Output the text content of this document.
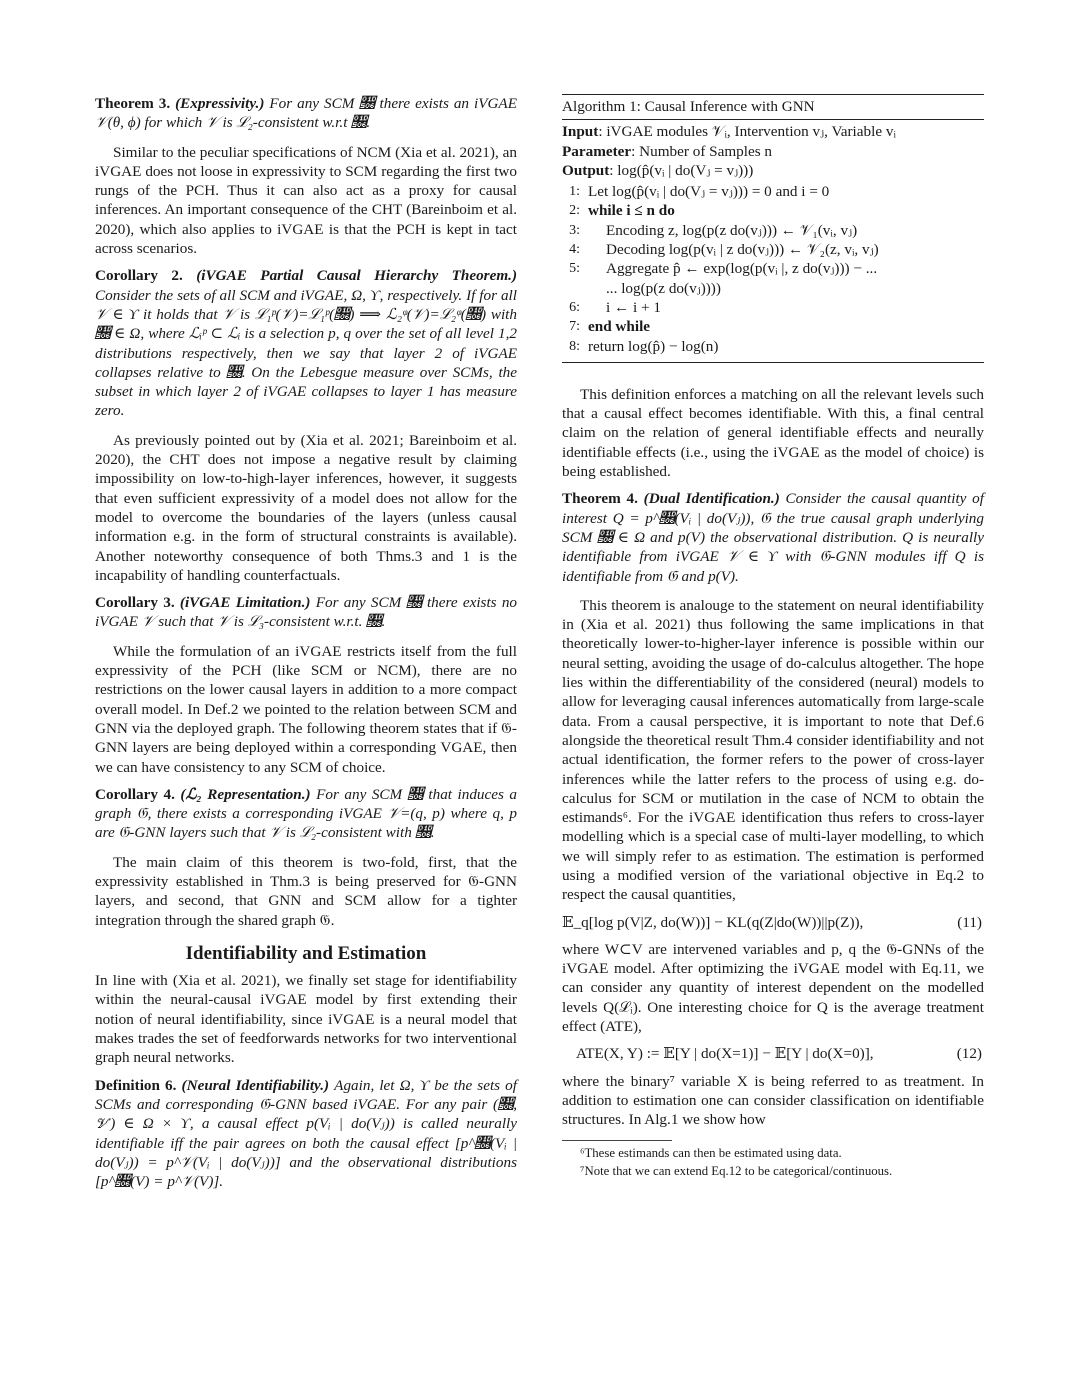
Theorem 3. (Expressivity.) For any SCM 𝔆 there exists an iVGAE 𝒱(θ, ϕ) for which 𝒱 is ℒ₂-consistent w.r.t 𝔆.

Similar to the peculiar specifications of NCM (Xia et al. 2021), an iVGAE does not loose in expressivity to SCM regarding the first two rungs of the PCH. Thus it can also act as a proxy for causal inferences. An important consequence of the CHT (Bareinboim et al. 2020), which also applies to iVGAE is that the PCH is kept in tact across scenarios.

Corollary 2. (iVGAE Partial Causal Hierarchy Theorem.) Consider the sets of all SCM and iVGAE, Ω, ϒ, respectively. If for all 𝒱 ∈ ϒ it holds that 𝒱 is ℒ₁ᵖ(𝒱)=ℒ₁ᵖ(𝔆) ⟹ ℒ₂ᵠ(𝒱)=ℒ₂ᵠ(𝔆) with 𝔆 ∈ Ω, where ℒᵢᵖ ⊂ ℒᵢ is a selection p, q over the set of all level 1,2 distributions respectively, then we say that layer 2 of iVGAE collapses relative to 𝔆. On the Lebesgue measure over SCMs, the subset in which layer 2 of iVGAE collapses to layer 1 has measure zero.

As previously pointed out by (Xia et al. 2021; Bareinboim et al. 2020), the CHT does not impose a negative result by claiming impossibility on low-to-high-layer inferences, however, it suggests that even sufficient expressivity of a model does not allow for the model to overcome the boundaries of the layers (unless causal information e.g. in the form of structural constraints is available). Another noteworthy consequence of both Thms.3 and 1 is the incapability of handling counterfactuals.

Corollary 3. (iVGAE Limitation.) For any SCM 𝔆 there exists no iVGAE 𝒱 such that 𝒱 is ℒ₃-consistent w.r.t. 𝔆.

While the formulation of an iVGAE restricts itself from the full expressivity of the PCH (like SCM or NCM), there are no restrictions on the lower causal layers in addition to a more compact overall model. In Def.2 we pointed to the relation between SCM and GNN via the deployed graph. The following theorem states that if 𝔊-GNN layers are being deployed within a corresponding VGAE, then we can have consistency to any SCM of choice.

Corollary 4. (ℒ₂ Representation.) For any SCM 𝔆 that induces a graph 𝔊, there exists a corresponding iVGAE 𝒱=(q, p) where q, p are 𝔊-GNN layers such that 𝒱 is ℒ₂-consistent with 𝔆.

The main claim of this theorem is two-fold, first, that the expressivity established in Thm.3 is being preserved for 𝔊-GNN layers, and second, that GNN and SCM allow for a tighter integration through the shared graph 𝔊.

Identifiability and Estimation

In line with (Xia et al. 2021), we finally set stage for identifiability within the neural-causal iVGAE model by first extending their notion of neural identifiability, since iVGAE is a neural model that makes trades the set of feedforwards networks for two interventional graph neural networks.

Definition 6. (Neural Identifiability.) Again, let Ω, ϒ be the sets of SCMs and corresponding 𝔊-GNN based iVGAE. For any pair (𝔆, 𝒱) ∈ Ω × ϒ, a causal effect p(Vᵢ | do(Vⱼ)) is called neurally identifiable iff the pair agrees on both the causal effect [p^𝔆(Vᵢ | do(Vⱼ)) = p^𝒱(Vᵢ | do(Vⱼ))] and the observational distributions [p^𝔆(V) = p^𝒱(V)].
Algorithm 1: Causal Inference with GNN
Input: iVGAE modules 𝒱ᵢ, Intervention vⱼ, Variable vᵢ
Parameter: Number of Samples n
Output: log(p̂(vᵢ | do(Vⱼ = vⱼ)))
1: Let log(p̂(vᵢ | do(Vⱼ = vⱼ))) = 0 and i = 0
2: while i ≤ n do
3:	Encoding z, log(p(z do(vⱼ))) ← 𝒱₁(vᵢ, vⱼ)
4:	Decoding log(p(vᵢ | z do(vⱼ))) ← 𝒱₂(z, vᵢ, vⱼ)
5:	Aggregate p̂ ← exp(log(p(vᵢ |, z do(vⱼ))) − ...
... log(p(z do(vⱼ))))
6:	i ← i + 1
7: end while
8: return log(p̂) − log(n)

This definition enforces a matching on all the relevant levels such that a causal effect becomes identifiable. With this, a final central claim on the relation of general identifiable effects and neurally identifiable effects (i.e., using the iVGAE as the model of choice) is being established.

Theorem 4. (Dual Identification.) Consider the causal quantity of interest Q = p^𝔆(Vᵢ | do(Vⱼ)), 𝔊 the true causal graph underlying SCM 𝔆 ∈ Ω and p(V) the observational distribution. Q is neurally identifiable from iVGAE 𝒱 ∈ ϒ with 𝔊-GNN modules iff Q is identifiable from 𝔊 and p(V).

This theorem is analouge to the statement on neural identifiability in (Xia et al. 2021) thus following the same implications in that theoretically lower-to-higher-layer inference is possible within our neural setting, avoiding the usage of do-calculus altogether. The hope lies within the differentiability of the considered (neural) models to allow for leveraging causal inferences automatically from large-scale data. From a causal perspective, it is important to note that Def.6 alongside the theoretical result Thm.4 consider identifiability and not actual identification, the former refers to the power of cross-layer inferences while the latter refers to the process of using e.g. do-calculus for SCM or mutilation in the case of NCM to obtain the estimands⁶. For the iVGAE identification thus refers to cross-layer modelling which is a special case of multi-layer modelling, to which we will simply refer to as estimation. The estimation is performed using a modified version of the variational objective in Eq.2 to respect the causal quantities,

𝔼_q[log p(V|Z, do(W))] − KL(q(Z|do(W))||p(Z)),	(11)

where W⊂V are intervened variables and p, q the 𝔊-GNNs of the iVGAE model. After optimizing the iVGAE model with Eq.11, we can consider any quantity of interest dependent on the modelled levels Q(ℒᵢ). One interesting choice for Q is the average treatment effect (ATE),

ATE(X, Y) := 𝔼[Y | do(X=1)] − 𝔼[Y | do(X=0)],	(12)

where the binary⁷ variable X is being referred to as treatment. In addition to estimation one can consider classification on identifiable structures. In Alg.1 we show how

⁶These estimands can then be estimated using data.

⁷Note that we can extend Eq.12 to be categorical/continuous.
